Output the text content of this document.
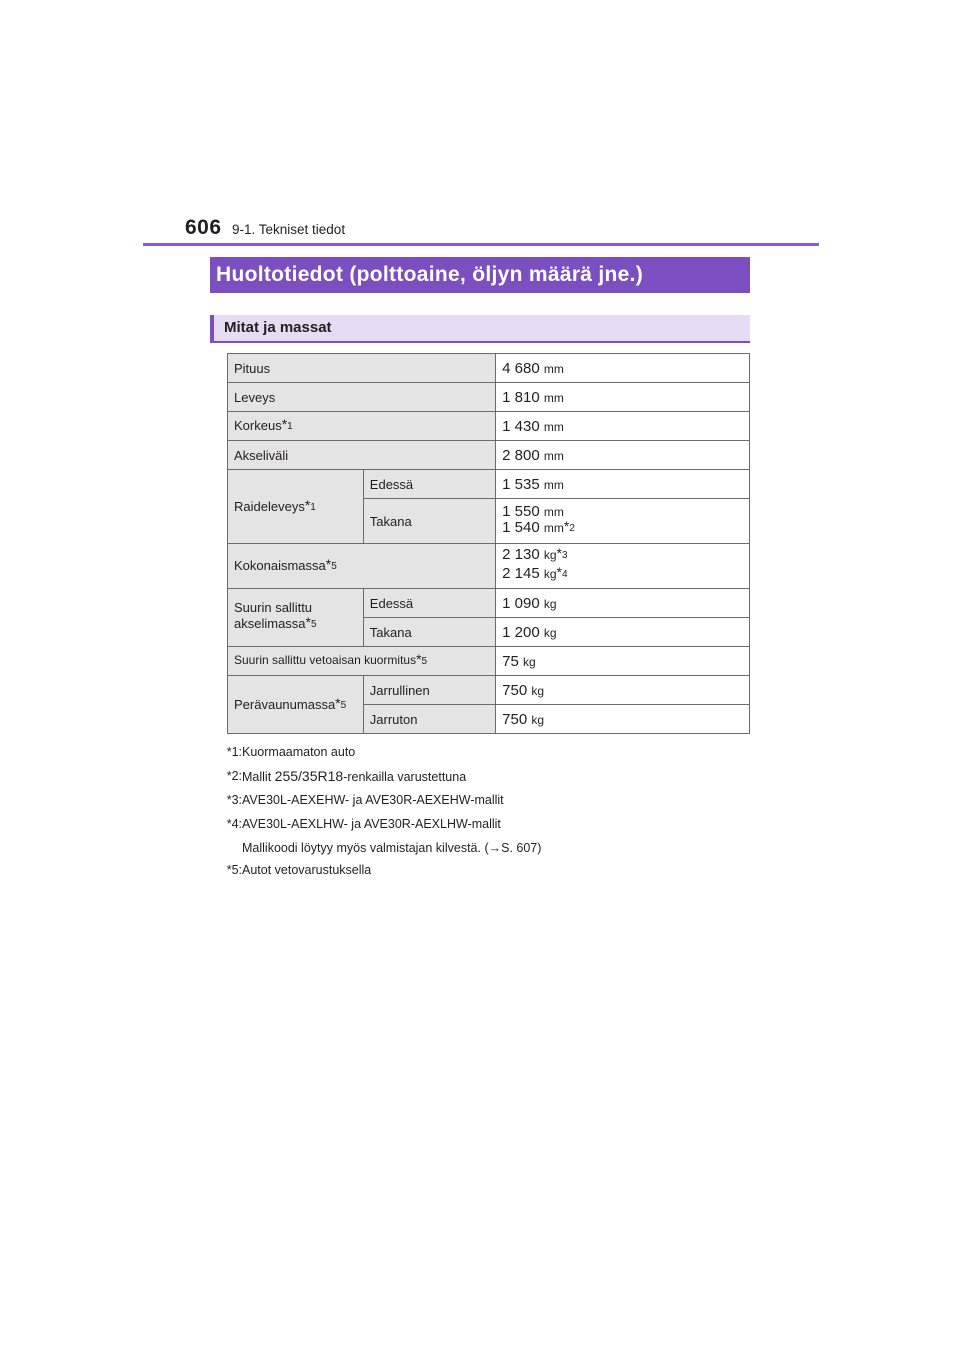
606 9-1. Tekniset tiedot
Huoltotiedot (polttoaine, öljyn määrä jne.)
Mitat ja massat
Pituus		4 680 mm
Leveys		1 810 mm
Korkeus$^{*1}$		1 430 mm
Akseliväli		2 800 mm
Raideleveys$^{*1}$	Edessä	1 535 mm
	Takana	1 550 mm
1 540 $mm^{*2}$

Kokonaismassa$^{*5}$		2 130 $kg^{*3}$
2 145 $kg^{*4}$

Suurin sallittu
akselimassa$^{*5}$	Edessä	1 090 kg
	Takana	1 200 kg
Suurin sallittu vetoaisan kuormitus$^{*5}$		75 kg
Perävaunumassa$^{*5}$	Jarrullinen	750 kg
	Jarruton	750 kg
*1: Kuormaamaton auto
*2: Mallit 255/35R18-renkailla varustettuna
*3: AVE30L-AEXEHW- ja AVE30R-AEXEHW-mallit
*4: AVE30L-AEXLHW- ja AVE30R-AEXLHW-mallit
Mallikoodi löytyy myös valmistajan kilvestä. (→S. 607)
*5: Autot vetovarustuksella
